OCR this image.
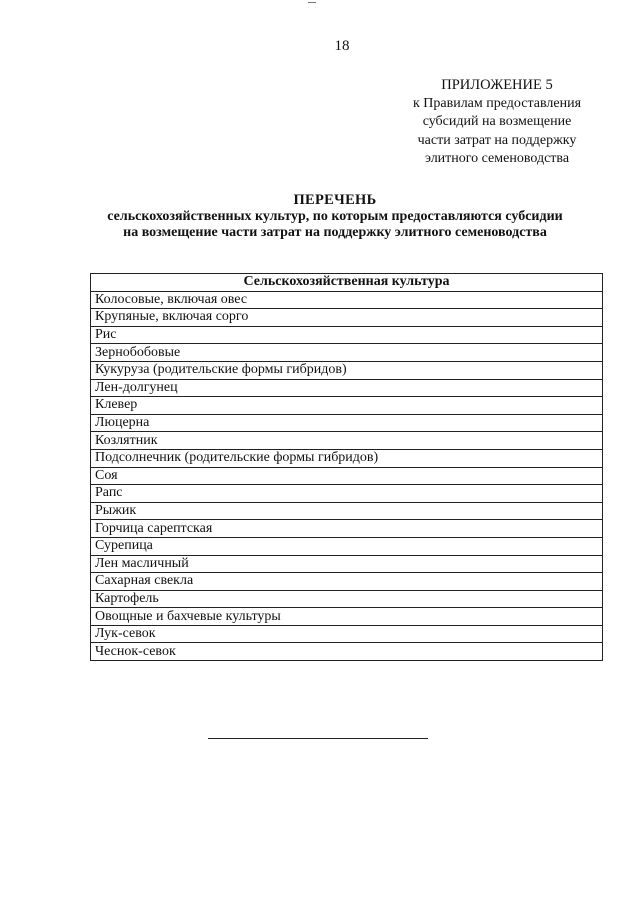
18
ПРИЛОЖЕНИЕ 5
к Правилам предоставления
субсидий на возмещение
части затрат на поддержку
элитного семеноводства
ПЕРЕЧЕНЬ
сельскохозяйственных культур, по которым предоставляются субсидии
на возмещение части затрат на поддержку элитного семеноводства
Сельскохозяйственная культура
Колосовые, включая овес
Крупяные, включая сорго
Рис
Зернобобовые
Кукуруза (родительские формы гибридов)
Лен-долгунец
Клевер
Люцерна
Козлятник
Подсолнечник (родительские формы гибридов)
Соя
Рапс
Рыжик
Горчица сарептская
Сурепица
Лен масличный
Сахарная свекла
Картофель
Овощные и бахчевые культуры
Лук-севок
Чеснок-севок
